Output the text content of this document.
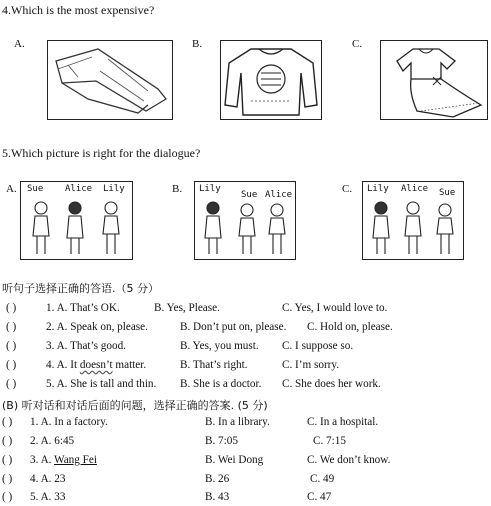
4.Which is the most expensive?
A.	B.	C.
5.Which picture is right for the dialogue?
A. Sue Alice Lily	B. Lily
Sue Alice	C. Lily Alice Sue
听句子选择正确的答语.（5 分）
( )	1. A. That’s OK.	B. Yes, Please.	C. Yes, I would love to.
( )	2. A. Speak on, please.	B. Don’t put on, please. C. Hold on, please.
( )	3. A. That’s good.	B. Yes, you must. C. I suppose so.
( )	4. A. It doesn’t matter.	B. That’s right.	C. I’m sorry.
( )	5. A. She is tall and thin. B. She is a doctor. C. She does her work.
(B) 听对话和对话后面的问题，选择正确的答案. (5 分)
( ) 1. A. In a factory.	B. In a library.	C. In a hospital.
( ) 2. A. 6:45	B. 7:05	C. 7:15
( ) 3. A. Wang Fei	B. Wei Dong	C. We don’t know.
( ) 4. A. 23	B. 26	C. 49
( ) 5. A. 33	B. 43	C. 47
